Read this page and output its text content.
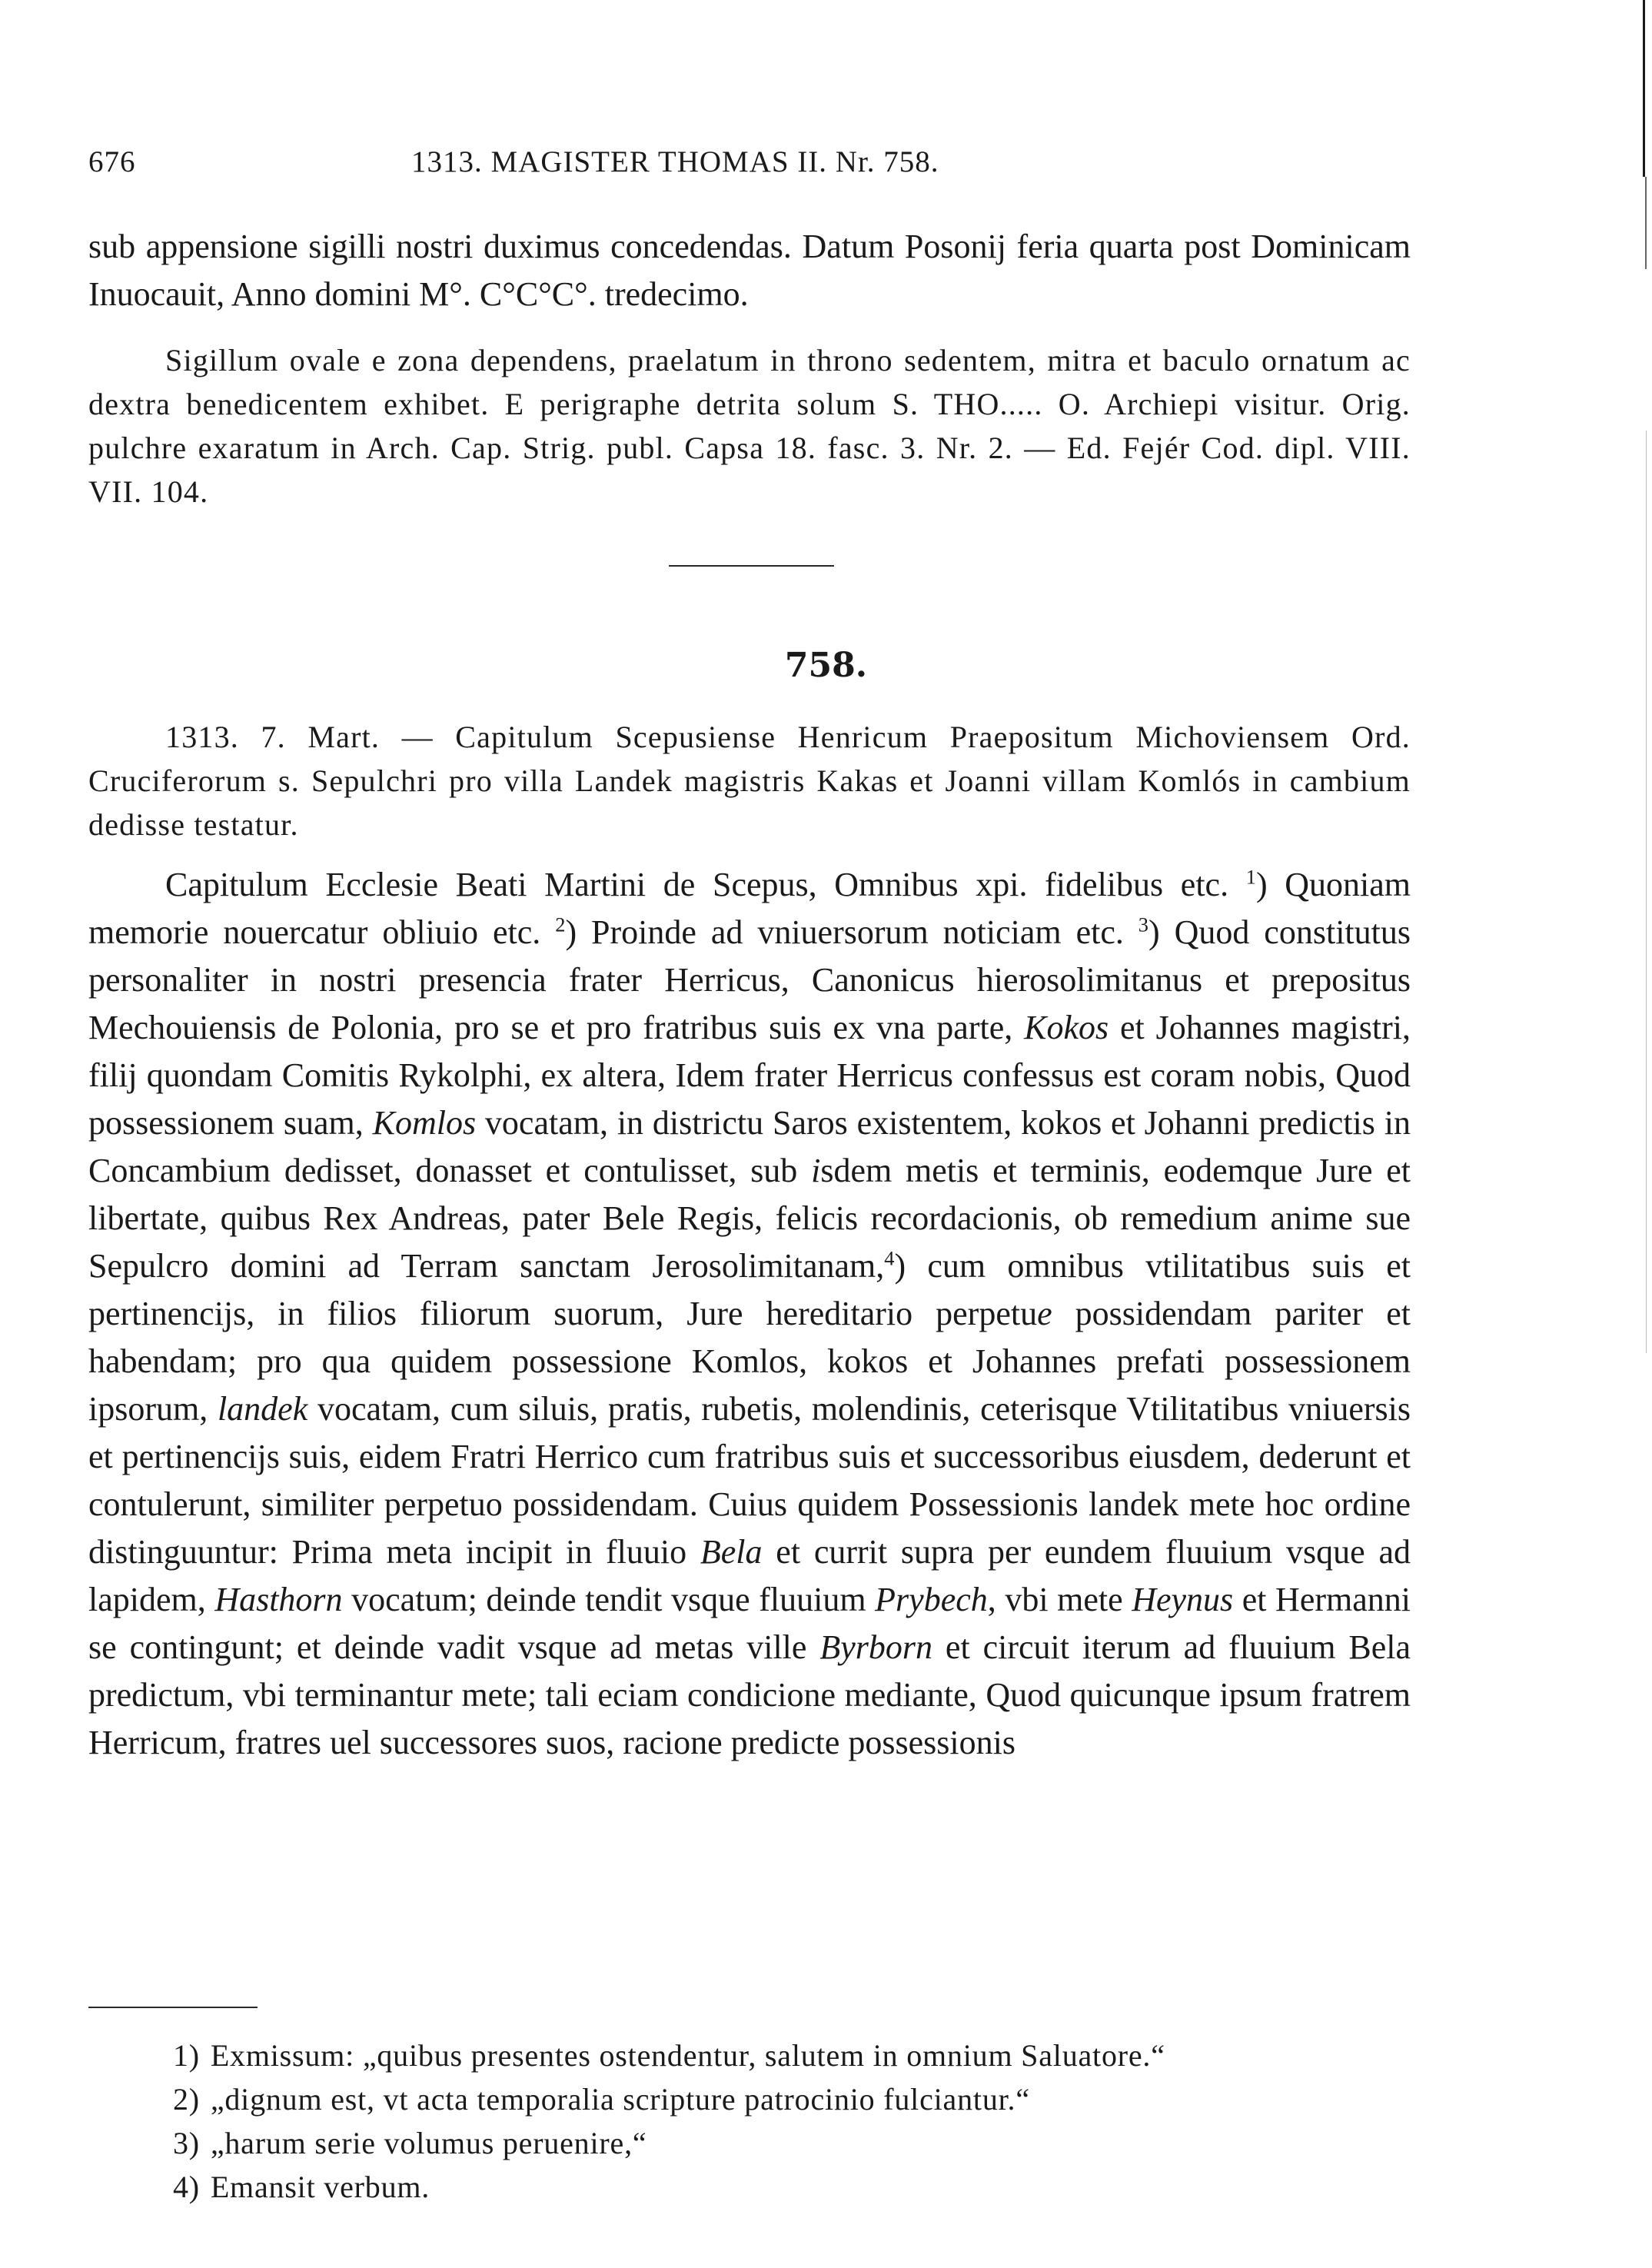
676	1313. MAGISTER THOMAS II. Nr. 758.

sub appensione sigilli nostri duximus concedendas. Datum Posonij feria quarta post Dominicam Inuocauit, Anno domini M°. C°C°C°. tredecimo.

Sigillum ovale e zona dependens, praelatum in throno sedentem, mitra et baculo ornatum ac dextra benedicentem exhibet. E perigraphe detrita solum S. THO..... O. Archiepi visitur. Orig. pulchre exaratum in Arch. Cap. Strig. publ. Capsa 18. fasc. 3. Nr. 2. — Ed. Fejér Cod. dipl. VIII. VII. 104.

758.

1313. 7. Mart. — Capitulum Scepusiense Henricum Praepositum Michoviensem Ord. Cruciferorum s. Sepulchri pro villa Landek magistris Kakas et Joanni villam Komlós in cambium dedisse testatur.

Capitulum Ecclesie Beati Martini de Scepus, Omnibus xpi. fidelibus etc. $^1$) Quoniam memorie nouercatur obliuio etc. $^2$) Proinde ad vniuersorum noticiam etc. $^3$) Quod constitutus personaliter in nostri presencia frater Herricus, Canonicus hierosolimitanus et prepositus Mechouiensis de Polonia, pro se et pro fratribus suis ex vna parte, Kokos et Johannes magistri, filij quondam Comitis Rykolphi, ex altera, Idem frater Herricus confessus est coram nobis, Quod possessionem suam, Komlos vocatam, in districtu Saros existentem, kokos et Johanni predictis in Concambium dedisset, donasset et contulisset, sub isdem metis et terminis, eodemque Jure et libertate, quibus Rex Andreas, pater Bele Regis, felicis recordacionis, ob remedium anime sue Sepulcro domini ad Terram sanctam Jerosolimitanam,$^4$) cum omnibus vtilitatibus suis et pertinencijs, in filios filiorum suorum, Jure hereditario perpetue possidendam pariter et habendam; pro qua quidem possessione Komlos, kokos et Johannes prefati possessionem ipsorum, landek vocatam, cum siluis, pratis, rubetis, molendinis, ceterisque Vtilitatibus vniuersis et pertinencijs suis, eidem Fratri Herrico cum fratribus suis et successoribus eiusdem, dederunt et contulerunt, similiter perpetuo possidendam. Cuius quidem Possessionis landek mete hoc ordine distinguuntur: Prima meta incipit in fluuio Bela et currit supra per eundem fluuium vsque ad lapidem, Hasthorn vocatum; deinde tendit vsque fluuium Prybech, vbi mete Heynus et Hermanni se contingunt; et deinde vadit vsque ad metas ville Byrborn et circuit iterum ad fluuium Bela predictum, vbi terminantur mete; tali eciam condicione mediante, Quod quicunque ipsum fratrem Herricum, fratres uel successores suos, racione predicte possessionis

1) Exmissum: „quibus presentes ostendentur, salutem in omnium Saluatore.“
2) „dignum est, vt acta temporalia scripture patrocinio fulciantur.“
3) „harum serie volumus peruenire,“
4) Emansit verbum.
